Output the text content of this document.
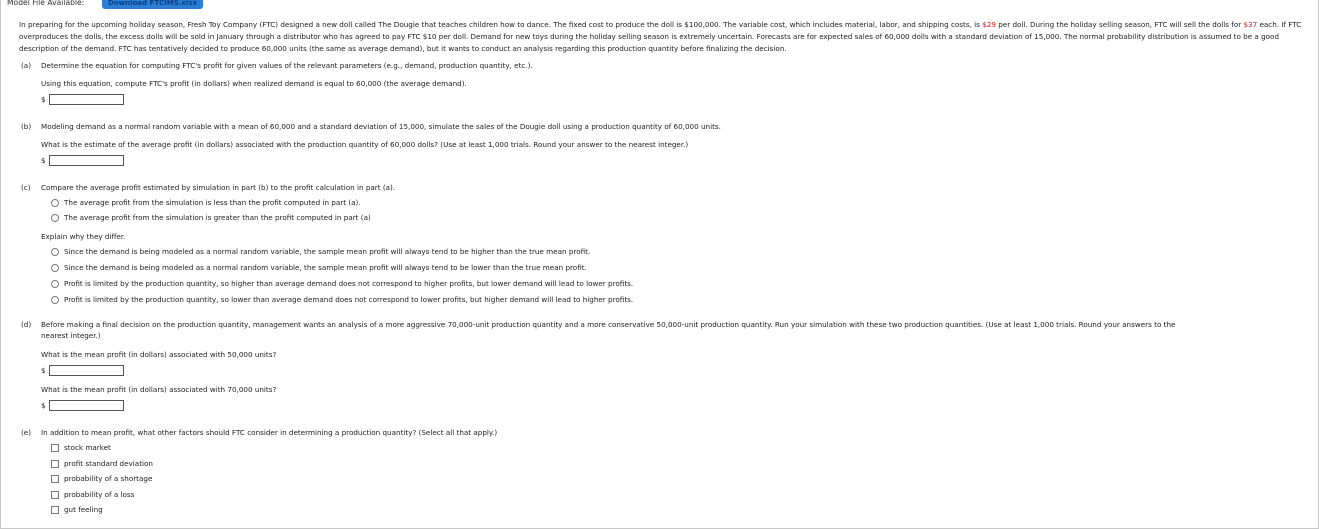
Model File Available:	Download FTCIMS.xlsx
In preparing for the upcoming holiday season, Fresh Toy Company (FTC) designed a new doll called The Dougie that teaches children how to dance. The fixed cost to produce the doll is $100,000. The variable cost, which includes material, labor, and shipping costs, is $29 per doll. During the holiday selling season, FTC will sell the dolls for $37 each. If FTC overproduces the dolls, the excess dolls will be sold in January through a distributor who has agreed to pay FTC $10 per doll. Demand for new toys during the holiday selling season is extremely uncertain. Forecasts are for expected sales of 60,000 dolls with a standard deviation of 15,000. The normal probability distribution is assumed to be a good description of the demand. FTC has tentatively decided to produce 60,000 units (the same as average demand), but it wants to conduct an analysis regarding this production quantity before finalizing the decision.
(a) Determine the equation for computing FTC's profit for given values of the relevant parameters (e.g., demand, production quantity, etc.).
Using this equation, compute FTC's profit (in dollars) when realized demand is equal to 60,000 (the average demand).
$
(b) Modeling demand as a normal random variable with a mean of 60,000 and a standard deviation of 15,000, simulate the sales of the Dougie doll using a production quantity of 60,000 units.
What is the estimate of the average profit (in dollars) associated with the production quantity of 60,000 dolls? (Use at least 1,000 trials. Round your answer to the nearest integer.)
$
(c) Compare the average profit estimated by simulation in part (b) to the profit calculation in part (a).
The average profit from the simulation is less than the profit computed in part (a).
The average profit from the simulation is greater than the profit computed in part (a)
Explain why they differ.
Since the demand is being modeled as a normal random variable, the sample mean profit will always tend to be higher than the true mean profit.
Since the demand is being modeled as a normal random variable, the sample mean profit will always tend to be lower than the true mean profit.
Profit is limited by the production quantity, so higher than average demand does not correspond to higher profits, but lower demand will lead to lower profits.
Profit is limited by the production quantity, so lower than average demand does not correspond to lower profits, but higher demand will lead to higher profits.
(d) Before making a final decision on the production quantity, management wants an analysis of a more aggressive 70,000-unit production quantity and a more conservative 50,000-unit production quantity. Run your simulation with these two production quantities. (Use at least 1,000 trials. Round your answers to the
nearest integer.)
What is the mean profit (in dollars) associated with 50,000 units?
$
What is the mean profit (in dollars) associated with 70,000 units?
$
(e) In addition to mean profit, what other factors should FTC consider in determining a production quantity? (Select all that apply.)
stock market
profit standard deviation
probability of a shortage
probability of a loss
gut feeling
